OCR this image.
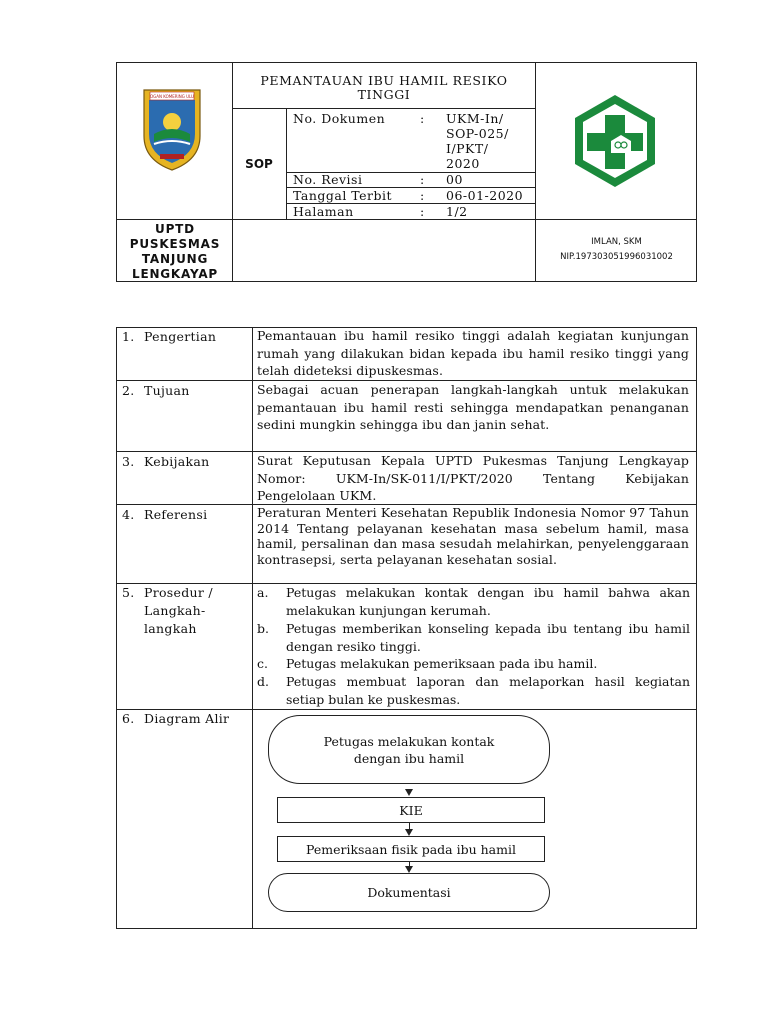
OGAN KOMERING ULU
PEMANTAUAN IBU HAMIL RESIKO TINGGI
SOP
No. Dokumen	: UKM-In/
SOP-025/
I/PKT/
2020
No. Revisi	: 00
Tanggal Terbit : 06-01-2020
Halaman	: 1/2
UPTD
PUSKESMAS
TANJUNG
LENGKAYAP
IMLAN, SKM
NIP.197303051996031002
1. Pengertian	Pemantauan ibu hamil resiko tinggi adalah kegiatan kunjungan rumah yang dilakukan bidan kepada ibu hamil resiko tinggi yang telah dideteksi dipuskesmas.
2. Tujuan	Sebagai acuan penerapan langkah-langkah untuk melakukan pemantauan ibu hamil resti sehingga mendapatkan penanganan sedini mungkin sehingga ibu dan janin sehat.
3. Kebijakan	Surat Keputusan Kepala UPTD Pukesmas Tanjung Lengkayap Nomor: UKM-In/SK-011/I/PKT/2020 Tentang Kebijakan Pengelolaan UKM.
4. Referensi	Peraturan Menteri Kesehatan Republik Indonesia Nomor 97 Tahun 2014 Tentang pelayanan kesehatan masa sebelum hamil, masa hamil, persalinan dan masa sesudah melahirkan, penyelenggaraan kontrasepsi, serta pelayanan kesehatan sosial.
5. Prosedur / Langkah-langkah
a.	Petugas melakukan kontak dengan ibu hamil bahwa akan melakukan kunjungan kerumah.
b.	Petugas memberikan konseling kepada ibu tentang ibu hamil dengan resiko tinggi.
c.	Petugas melakukan pemeriksaan pada ibu hamil.
d.	Petugas membuat laporan dan melaporkan hasil kegiatan setiap bulan ke puskesmas.
6. Diagram Alir
Petugas melakukan kontak dengan ibu hamil
KIE
Pemeriksaan fisik pada ibu hamil
Dokumentasi
